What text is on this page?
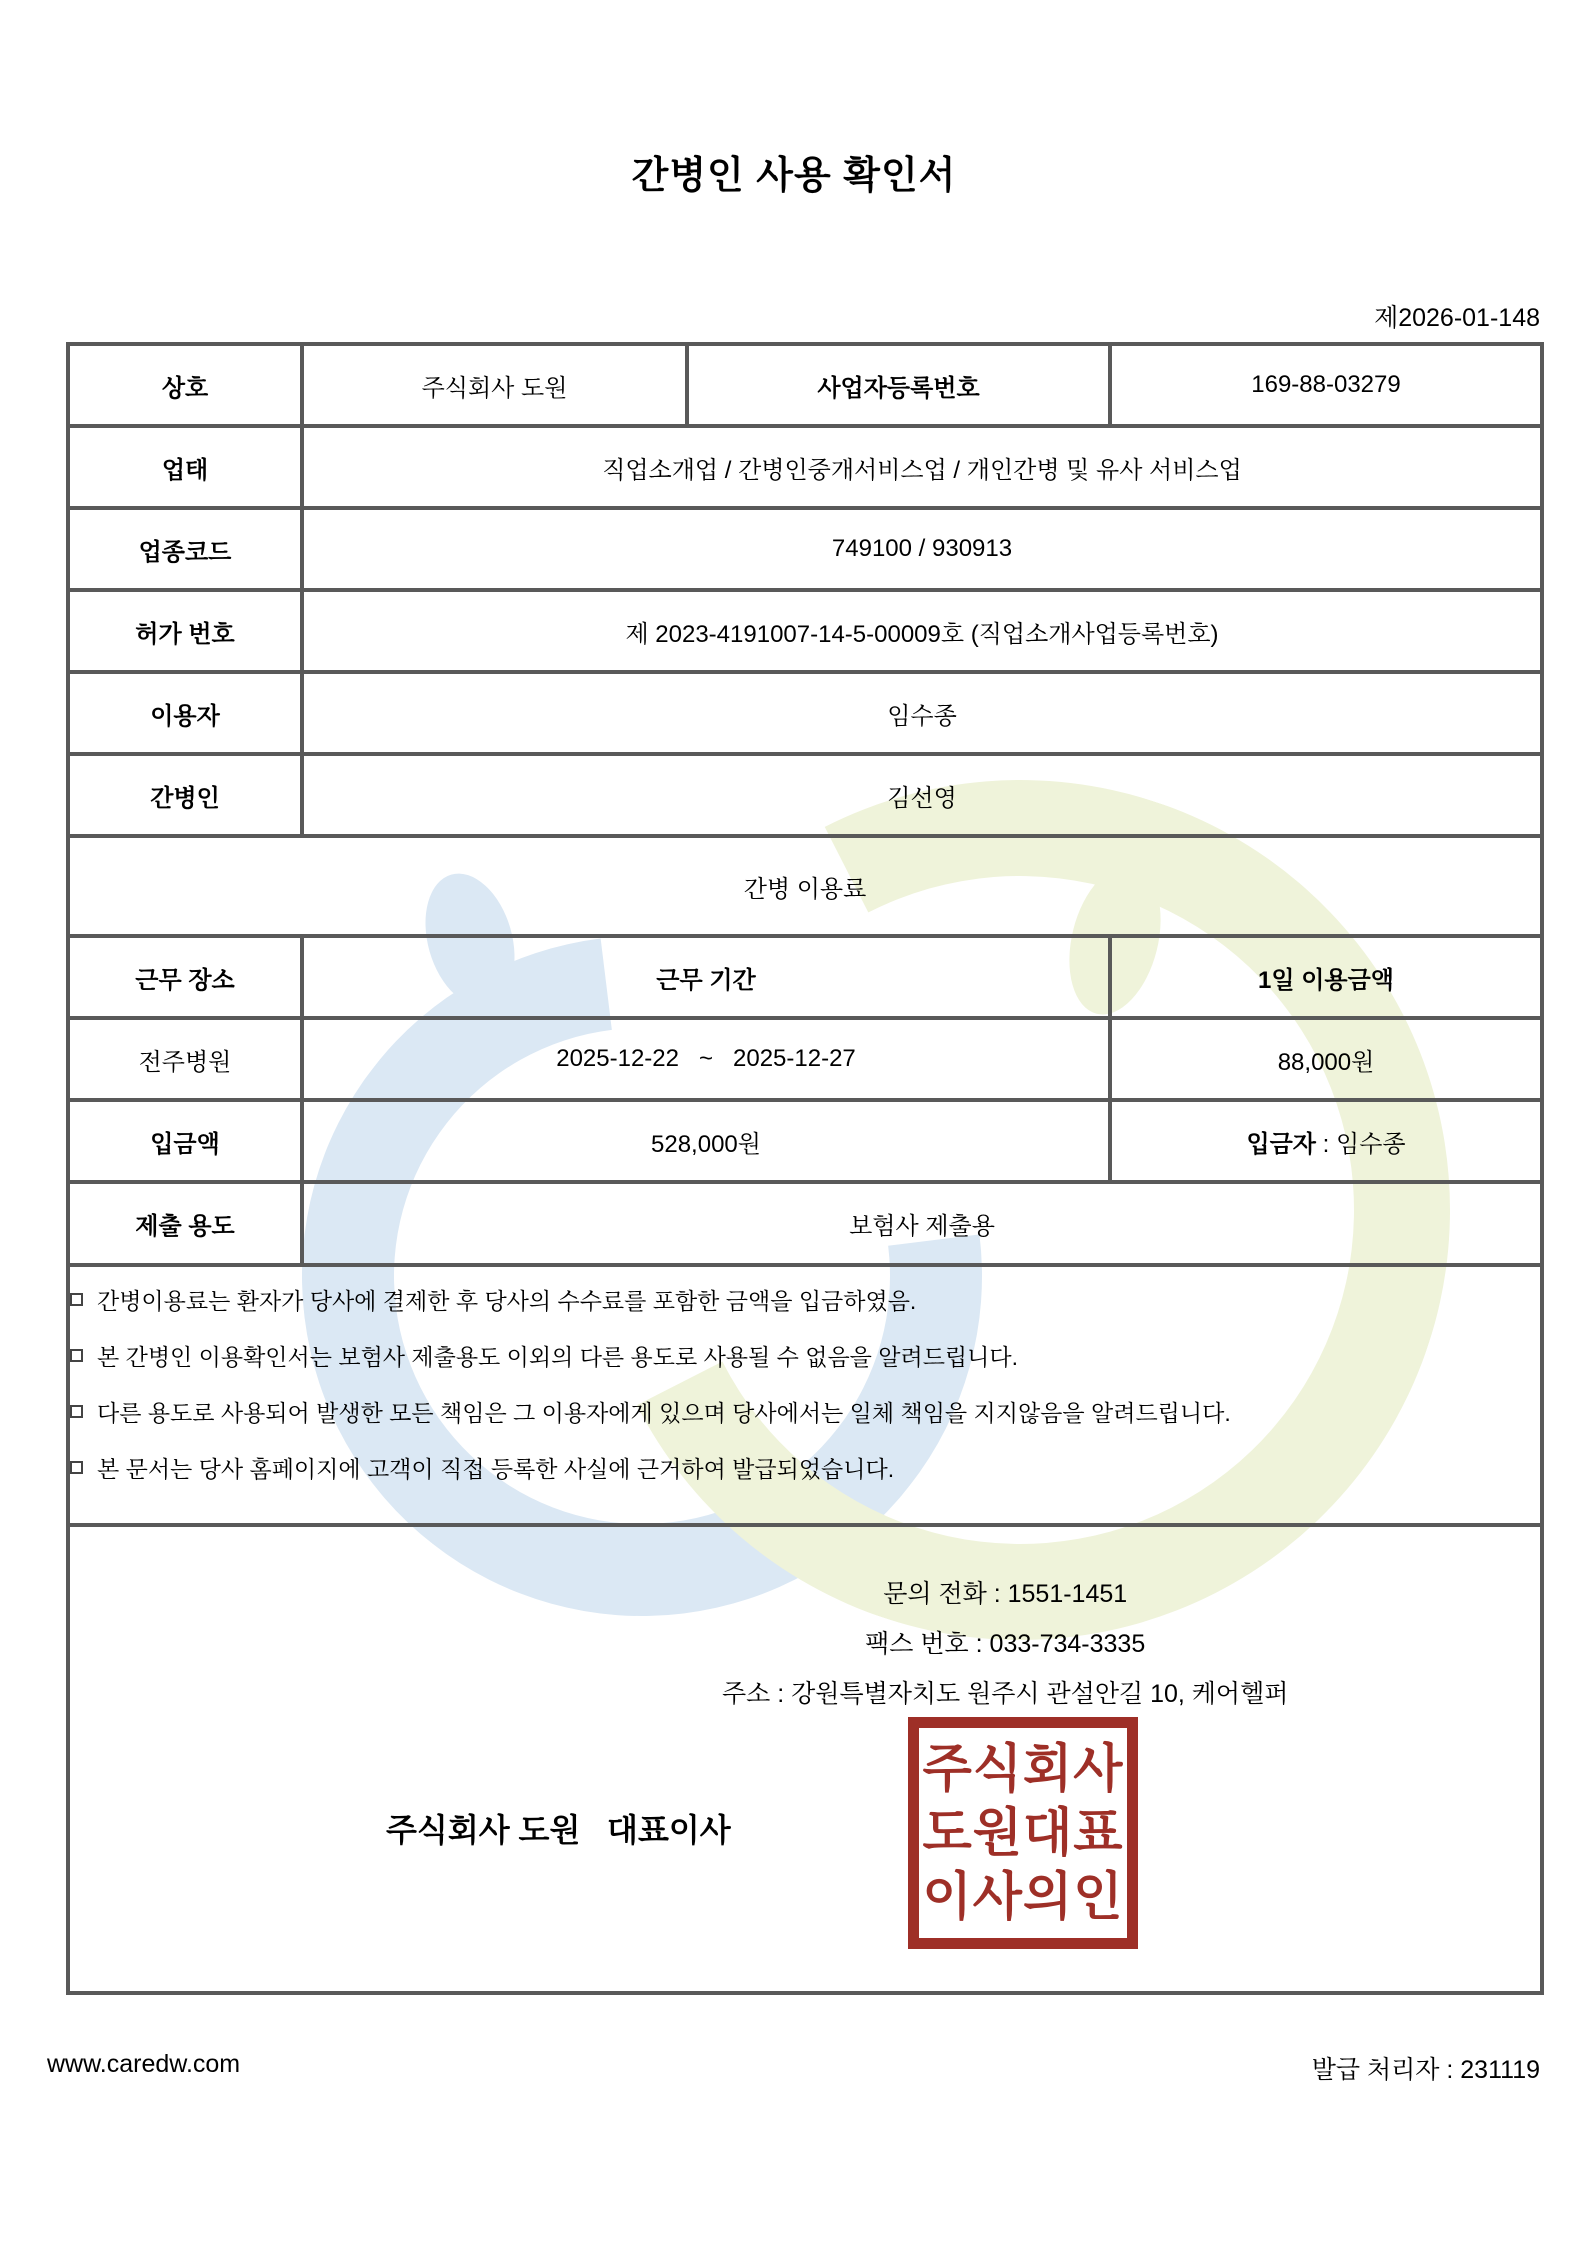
간병인 사용 확인서
제2026-01-148
상호	주식회사 도원	사업자등록번호	169-88-03279
업태	직업소개업 / 간병인중개서비스업 / 개인간병 및 유사 서비스업		
업종코드	749100 / 930913		
허가 번호	제 2023-4191007-14-5-00009호 (직업소개사업등록번호)		
이용자	임수종		
간병인	김선영		
간병 이용료			
근무 장소	근무 기간		1일 이용금액
전주병원	2025-12-22   ~   2025-12-27		88,000원
입금액	528,000원		입금자 : 임수종
제출 용도	보험사 제출용		

간병이용료는 환자가 당사에 결제한 후 당사의 수수료를 포함한 금액을 입금하였음.
본 간병인 이용확인서는 보험사 제출용도 이외의 다른 용도로 사용될 수 없음을 알려드립니다.
다른 용도로 사용되어 발생한 모든 책임은 그 이용자에게 있으며 당사에서는 일체 책임을 지지않음을 알려드립니다.
본 문서는 당사 홈페이지에 고객이 직접 등록한 사실에 근거하여 발급되었습니다.			

문의 전화 : 1551-1451
팩스 번호 : 033-734-3335
주소 : 강원특별자치도 원주시 관설안길 10, 케어헬퍼
주식회사 도원   대표이사
주식회사
도원대표
이사의인
www.caredw.com	발급 처리자 : 231119
